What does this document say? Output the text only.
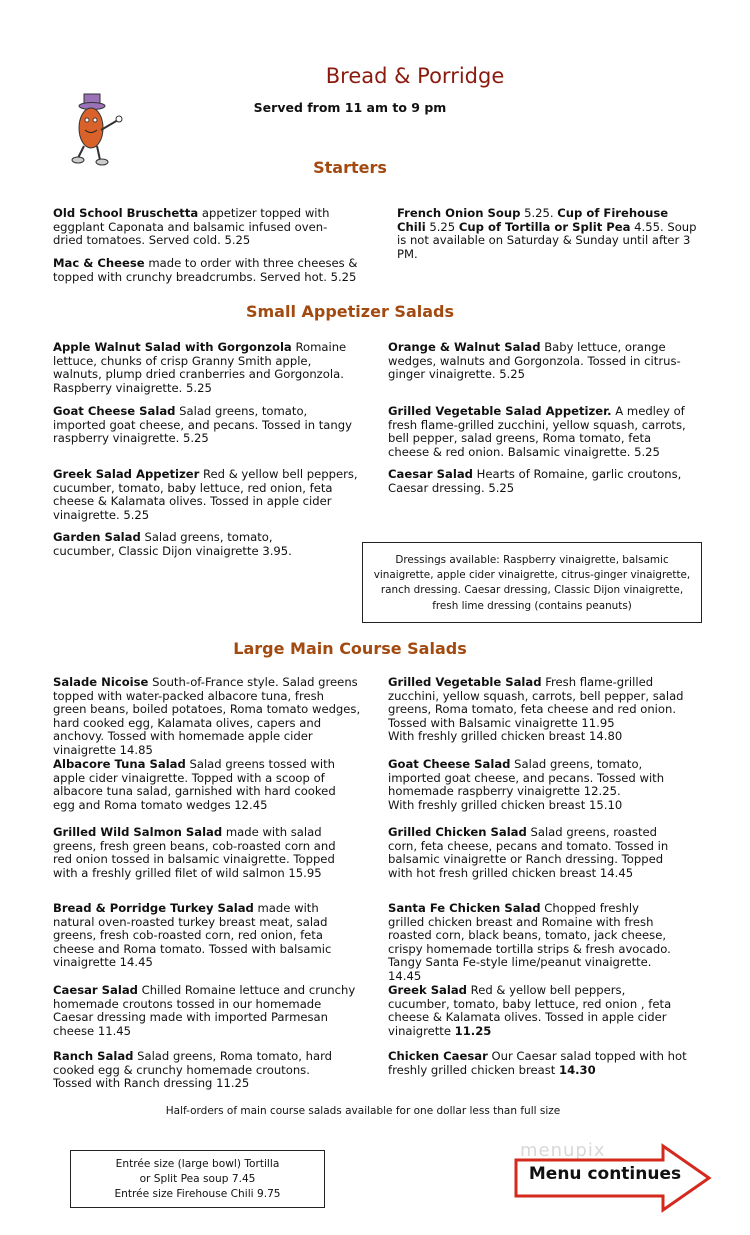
Bread & Porridge
Served from 11 am to 9 pm
Starters
Old School Bruschetta appetizer topped with eggplant Caponata and balsamic infused oven-dried tomatoes. Served cold. 5.25
Mac & Cheese made to order with three cheeses & topped with crunchy breadcrumbs. Served hot. 5.25
French Onion Soup 5.25. Cup of Firehouse Chili 5.25 Cup of Tortilla or Split Pea 4.55. Soup is not available on Saturday & Sunday until after 3 PM.
Small Appetizer Salads
Apple Walnut Salad with Gorgonzola Romaine lettuce, chunks of crisp Granny Smith apple, walnuts, plump dried cranberries and Gorgonzola. Raspberry vinaigrette. 5.25
Goat Cheese Salad Salad greens, tomato, imported goat cheese, and pecans. Tossed in tangy raspberry vinaigrette. 5.25
Greek Salad Appetizer Red & yellow bell peppers, cucumber, tomato, baby lettuce, red onion, feta cheese & Kalamata olives. Tossed in apple cider vinaigrette. 5.25
Garden Salad Salad greens, tomato, cucumber, Classic Dijon vinaigrette 3.95.
Orange & Walnut Salad Baby lettuce, orange wedges, walnuts and Gorgonzola. Tossed in citrus-ginger vinaigrette. 5.25
Grilled Vegetable Salad Appetizer. A medley of fresh flame-grilled zucchini, yellow squash, carrots, bell pepper, salad greens, Roma tomato, feta cheese & red onion. Balsamic vinaigrette. 5.25
Caesar Salad Hearts of Romaine, garlic croutons, Caesar dressing. 5.25
Dressings available: Raspberry vinaigrette, balsamic vinaigrette, apple cider vinaigrette, citrus-ginger vinaigrette, ranch dressing. Caesar dressing, Classic Dijon vinaigrette, fresh lime dressing (contains peanuts)
Large Main Course Salads
Salade Nicoise South-of-France style. Salad greens topped with water-packed albacore tuna, fresh green beans, boiled potatoes, Roma tomato wedges, hard cooked egg, Kalamata olives, capers and anchovy. Tossed with homemade apple cider vinaigrette 14.85
Albacore Tuna Salad Salad greens tossed with apple cider vinaigrette. Topped with a scoop of albacore tuna salad, garnished with hard cooked egg and Roma tomato wedges 12.45
Grilled Wild Salmon Salad made with salad greens, fresh green beans, cob-roasted corn and red onion tossed in balsamic vinaigrette. Topped with a freshly grilled filet of wild salmon 15.95
Bread & Porridge Turkey Salad made with natural oven-roasted turkey breast meat, salad greens, fresh cob-roasted corn, red onion, feta cheese and Roma tomato. Tossed with balsamic vinaigrette 14.45
Caesar Salad Chilled Romaine lettuce and crunchy homemade croutons tossed in our homemade Caesar dressing made with imported Parmesan cheese 11.45
Ranch Salad Salad greens, Roma tomato, hard cooked egg & crunchy homemade croutons. Tossed with Ranch dressing 11.25
Grilled Vegetable Salad Fresh flame-grilled zucchini, yellow squash, carrots, bell pepper, salad greens, Roma tomato, feta cheese and red onion. Tossed with Balsamic vinaigrette 11.95
With freshly grilled chicken breast 14.80
Goat Cheese Salad Salad greens, tomato, imported goat cheese, and pecans. Tossed with homemade raspberry vinaigrette 12.25.
With freshly grilled chicken breast 15.10
Grilled Chicken Salad Salad greens, roasted corn, feta cheese, pecans and tomato. Tossed in balsamic vinaigrette or Ranch dressing. Topped with hot fresh grilled chicken breast 14.45
Santa Fe Chicken Salad Chopped freshly grilled chicken breast and Romaine with fresh roasted corn, black beans, tomato, jack cheese, crispy homemade tortilla strips & fresh avocado. Tangy Santa Fe-style lime/peanut vinaigrette. 14.45
Greek Salad Red & yellow bell peppers, cucumber, tomato, baby lettuce, red onion , feta cheese & Kalamata olives. Tossed in apple cider vinaigrette 11.25
Chicken Caesar Our Caesar salad topped with hot freshly grilled chicken breast 14.30
Half-orders of main course salads available for one dollar less than full size
Entrée size (large bowl) Tortilla
or Split Pea soup 7.45
Entrée size Firehouse Chili 9.75
menupix
Menu continues
